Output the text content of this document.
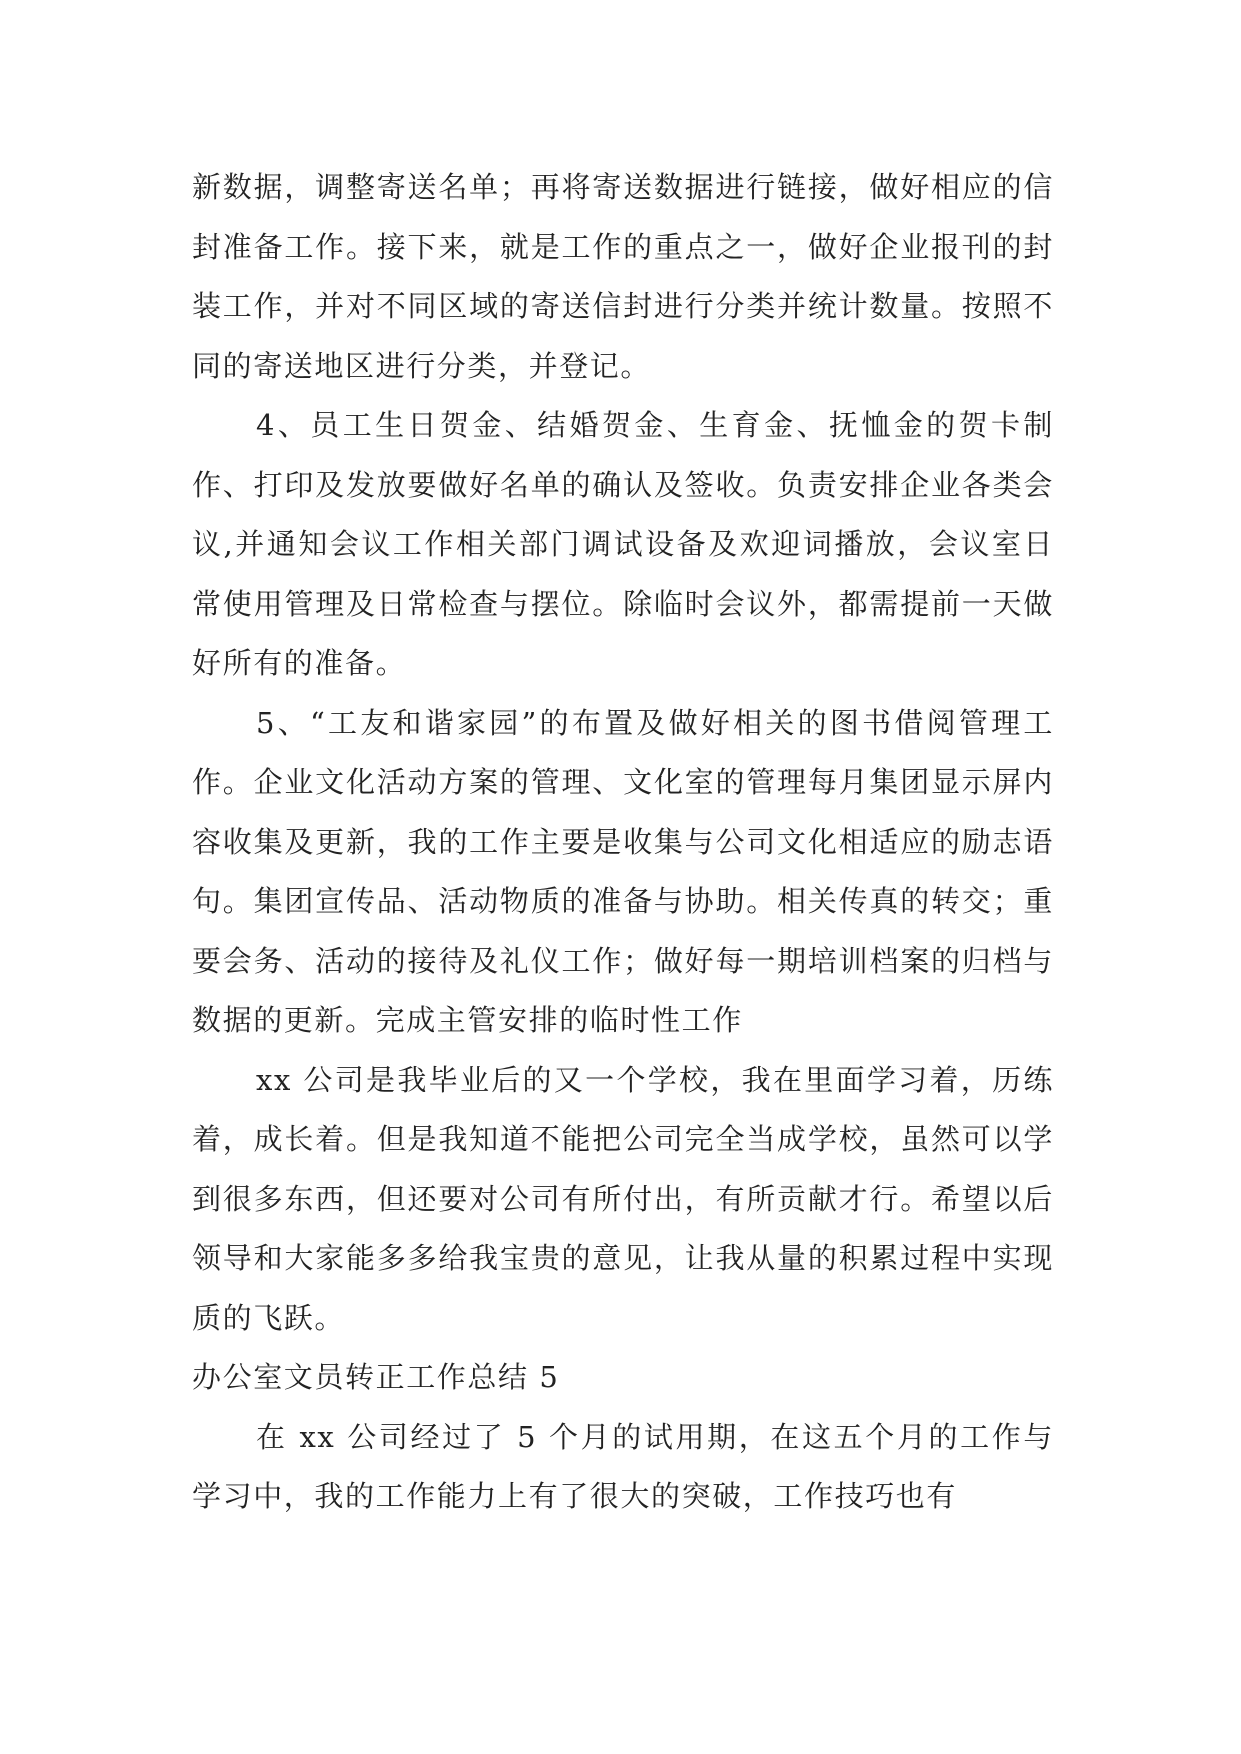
新数据，调整寄送名单；再将寄送数据进行链接，做好相应的信封准备工作。接下来，就是工作的重点之一，做好企业报刊的封装工作，并对不同区域的寄送信封进行分类并统计数量。按照不同的寄送地区进行分类，并登记。

4、员工生日贺金、结婚贺金、生育金、抚恤金的贺卡制作、打印及发放要做好名单的确认及签收。负责安排企业各类会议,并通知会议工作相关部门调试设备及欢迎词播放，会议室日常使用管理及日常检查与摆位。除临时会议外，都需提前一天做好所有的准备。

5、“工友和谐家园”的布置及做好相关的图书借阅管理工作。企业文化活动方案的管理、文化室的管理每月集团显示屏内容收集及更新，我的工作主要是收集与公司文化相适应的励志语句。集团宣传品、活动物质的准备与协助。相关传真的转交；重要会务、活动的接待及礼仪工作；做好每一期培训档案的归档与数据的更新。完成主管安排的临时性工作

xx 公司是我毕业后的又一个学校，我在里面学习着，历练着，成长着。但是我知道不能把公司完全当成学校，虽然可以学到很多东西，但还要对公司有所付出，有所贡献才行。希望以后领导和大家能多多给我宝贵的意见，让我从量的积累过程中实现质的飞跃。

办公室文员转正工作总结 5

在 xx 公司经过了 5 个月的试用期，在这五个月的工作与学习中，我的工作能力上有了很大的突破，工作技巧也有
